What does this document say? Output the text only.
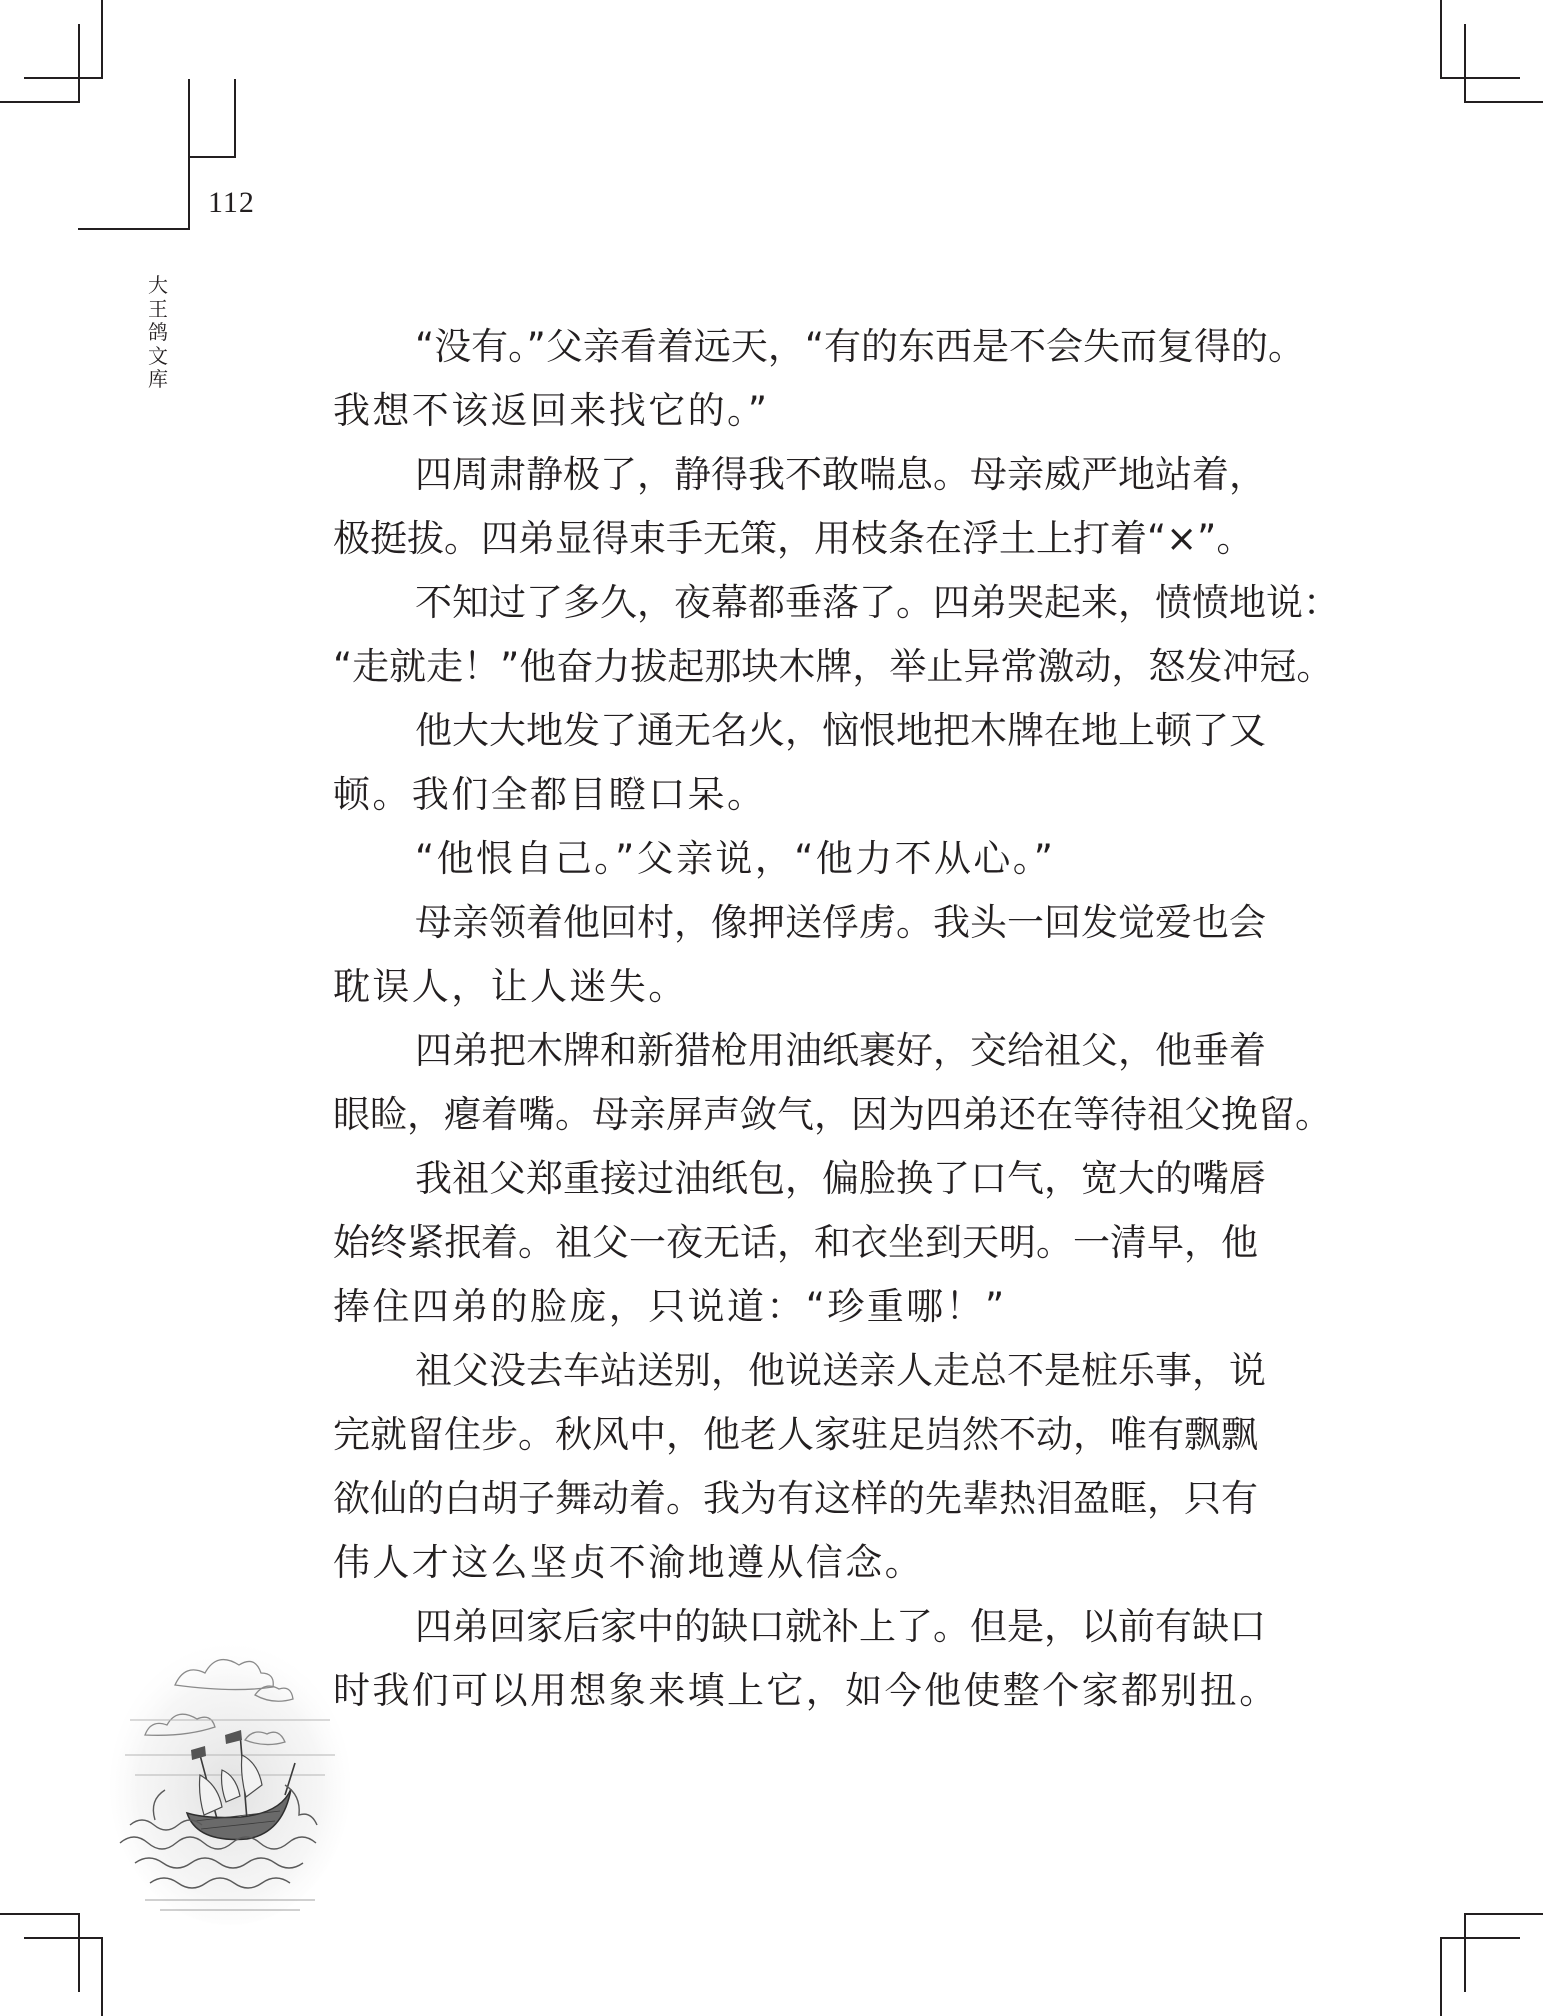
112
大
王
鸽
文
库
“没有。”父亲看着远天，“有的东西是不会失而复得的。
我想不该返回来找它的。”
四周肃静极了，静得我不敢喘息。母亲威严地站着，
极挺拔。四弟显得束手无策，用枝条在浮土上打着“×”。
不知过了多久，夜幕都垂落了。四弟哭起来，愤愤地说：
“走就走！”他奋力拔起那块木牌，举止异常激动，怒发冲冠。
他大大地发了通无名火，恼恨地把木牌在地上顿了又
顿。我们全都目瞪口呆。
“他恨自己。”父亲说，“他力不从心。”
母亲领着他回村，像押送俘虏。我头一回发觉爱也会
耽误人，让人迷失。
四弟把木牌和新猎枪用油纸裹好，交给祖父，他垂着
眼睑，瘪着嘴。母亲屏声敛气，因为四弟还在等待祖父挽留。
我祖父郑重接过油纸包，偏脸换了口气，宽大的嘴唇
始终紧抿着。祖父一夜无话，和衣坐到天明。一清早，他
捧住四弟的脸庞，只说道：“珍重哪！”
祖父没去车站送别，他说送亲人走总不是桩乐事，说
完就留住步。秋风中，他老人家驻足岿然不动，唯有飘飘
欲仙的白胡子舞动着。我为有这样的先辈热泪盈眶，只有
伟人才这么坚贞不渝地遵从信念。
四弟回家后家中的缺口就补上了。但是，以前有缺口
时我们可以用想象来填上它，如今他使整个家都别扭。
